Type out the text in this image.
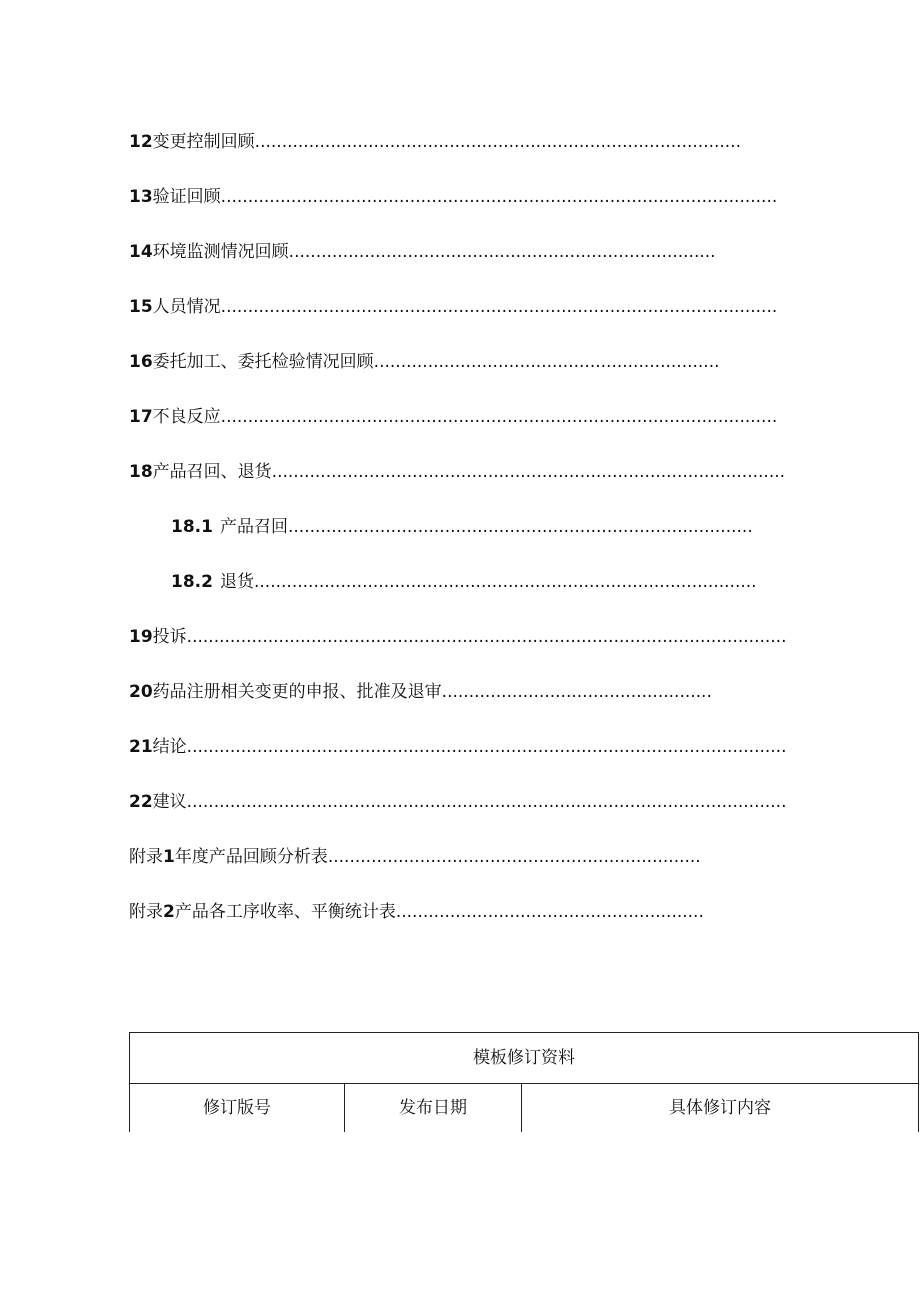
12变更控制回顾..........................................................................................
13验证回顾.......................................................................................................
14环境监测情况回顾...............................................................................
15人员情况.......................................................................................................
16委托加工、委托检验情况回顾................................................................
17不良反应.......................................................................................................
18产品召回、退货...............................................................................................
18.1 产品召回......................................................................................
18.2 退货.............................................................................................
19投诉...............................................................................................................
20药品注册相关变更的申报、批准及退审..................................................
21结论...............................................................................................................
22建议...............................................................................................................
附录1年度产品回顾分析表.....................................................................
附录2产品各工序收率、平衡统计表.........................................................
模板修订资料
修订版号	发布日期	具体修订内容
